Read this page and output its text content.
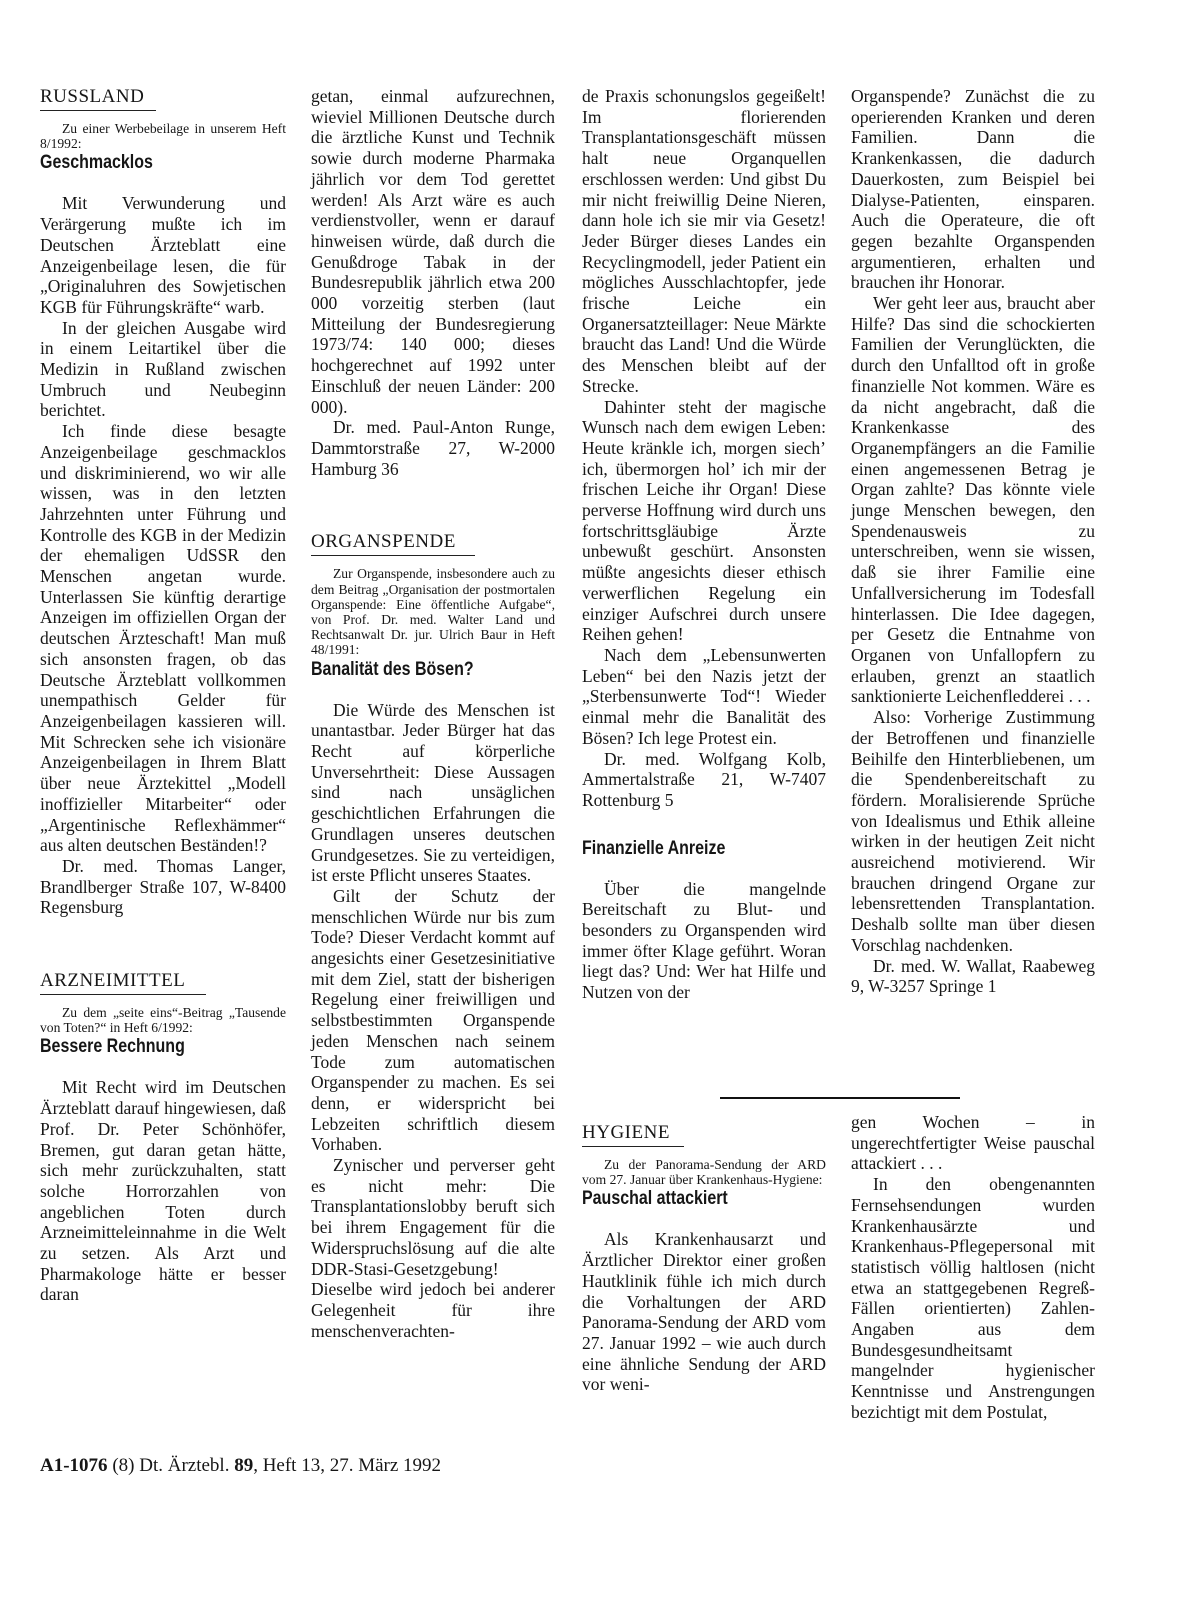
RUSSLAND

Zu einer Werbebeilage in unserem Heft 8/1992:

Geschmacklos

Mit Verwunderung und Verärgerung mußte ich im Deutschen Ärzteblatt eine Anzeigenbeilage lesen, die für „Originaluhren des Sowjetischen KGB für Führungskräfte“ warb.

In der gleichen Ausgabe wird in einem Leitartikel über die Medizin in Rußland zwischen Umbruch und Neubeginn berichtet.

Ich finde diese besagte Anzeigenbeilage geschmacklos und diskriminierend, wo wir alle wissen, was in den letzten Jahrzehnten unter Führung und Kontrolle des KGB in der Medizin der ehemaligen UdSSR den Menschen angetan wurde. Unterlassen Sie künftig derartige Anzeigen im offiziellen Organ der deutschen Ärzteschaft! Man muß sich ansonsten fragen, ob das Deutsche Ärzteblatt vollkommen unempathisch Gelder für Anzeigenbeilagen kassieren will. Mit Schrecken sehe ich visionäre Anzeigenbeilagen in Ihrem Blatt über neue Ärztekittel „Modell inoffizieller Mitarbeiter“ oder „Argentinische Reflexhämmer“ aus alten deutschen Beständen!?

Dr. med. Thomas Langer, Brandlberger Straße 107, W-8400 Regensburg

ARZNEIMITTEL

Zu dem „seite eins“-Beitrag „Tausende von Toten?“ in Heft 6/1992:

Bessere Rechnung

Mit Recht wird im Deutschen Ärzteblatt darauf hingewiesen, daß Prof. Dr. Peter Schönhöfer, Bremen, gut daran getan hätte, sich mehr zurückzuhalten, statt solche Horrorzahlen von angeblichen Toten durch Arzneimitteleinnahme in die Welt zu setzen. Als Arzt und Pharmakologe hätte er besser daran

getan, einmal aufzurechnen, wieviel Millionen Deutsche durch die ärztliche Kunst und Technik sowie durch moderne Pharmaka jährlich vor dem Tod gerettet werden! Als Arzt wäre es auch verdienstvoller, wenn er darauf hinweisen würde, daß durch die Genußdroge Tabak in der Bundesrepublik jährlich etwa 200 000 vorzeitig sterben (laut Mitteilung der Bundesregierung 1973/74: 140 000; dieses hochgerechnet auf 1992 unter Einschluß der neuen Länder: 200 000).

Dr. med. Paul-Anton Runge, Dammtorstraße 27, W-2000 Hamburg 36

ORGANSPENDE

Zur Organspende, insbesondere auch zu dem Beitrag „Organisation der postmortalen Organspende: Eine öffentliche Aufgabe“, von Prof. Dr. med. Walter Land und Rechtsanwalt Dr. jur. Ulrich Baur in Heft 48/1991:

Banalität des Bösen?

Die Würde des Menschen ist unantastbar. Jeder Bürger hat das Recht auf körperliche Unversehrtheit: Diese Aussagen sind nach unsäglichen geschichtlichen Erfahrungen die Grundlagen unseres deutschen Grundgesetzes. Sie zu verteidigen, ist erste Pflicht unseres Staates.

Gilt der Schutz der menschlichen Würde nur bis zum Tode? Dieser Verdacht kommt auf angesichts einer Gesetzesinitiative mit dem Ziel, statt der bisherigen Regelung einer freiwilligen und selbstbestimmten Organspende jeden Menschen nach seinem Tode zum automatischen Organspender zu machen. Es sei denn, er widerspricht bei Lebzeiten schriftlich diesem Vorhaben.

Zynischer und perverser geht es nicht mehr: Die Transplantationslobby beruft sich bei ihrem Engagement für die Widerspruchslösung auf die alte DDR-Stasi-Gesetzgebung! Dieselbe wird jedoch bei anderer Gelegenheit für ihre menschenverachten-

de Praxis schonungslos gegeißelt! Im florierenden Transplantationsgeschäft müssen halt neue Organquellen erschlossen werden: Und gibst Du mir nicht freiwillig Deine Nieren, dann hole ich sie mir via Gesetz! Jeder Bürger dieses Landes ein Recyclingmodell, jeder Patient ein mögliches Ausschlachtopfer, jede frische Leiche ein Organersatzteillager: Neue Märkte braucht das Land! Und die Würde des Menschen bleibt auf der Strecke.

Dahinter steht der magische Wunsch nach dem ewigen Leben: Heute kränkle ich, morgen siech’ ich, übermorgen hol’ ich mir der frischen Leiche ihr Organ! Diese perverse Hoffnung wird durch uns fortschrittsgläubige Ärzte unbewußt geschürt. Ansonsten müßte angesichts dieser ethisch verwerflichen Regelung ein einziger Aufschrei durch unsere Reihen gehen!

Nach dem „Lebensunwerten Leben“ bei den Nazis jetzt der „Sterbensunwerte Tod“! Wieder einmal mehr die Banalität des Bösen? Ich lege Protest ein.

Dr. med. Wolfgang Kolb, Ammertalstraße 21, W-7407 Rottenburg 5

Finanzielle Anreize

Über die mangelnde Bereitschaft zu Blut- und besonders zu Organspenden wird immer öfter Klage geführt. Woran liegt das? Und: Wer hat Hilfe und Nutzen von der

Organspende? Zunächst die zu operierenden Kranken und deren Familien. Dann die Krankenkassen, die dadurch Dauerkosten, zum Beispiel bei Dialyse-Patienten, einsparen. Auch die Operateure, die oft gegen bezahlte Organspenden argumentieren, erhalten und brauchen ihr Honorar.

Wer geht leer aus, braucht aber Hilfe? Das sind die schockierten Familien der Verunglückten, die durch den Unfalltod oft in große finanzielle Not kommen. Wäre es da nicht angebracht, daß die Krankenkasse des Organempfängers an die Familie einen angemessenen Betrag je Organ zahlte? Das könnte viele junge Menschen bewegen, den Spendenausweis zu unterschreiben, wenn sie wissen, daß sie ihrer Familie eine Unfallversicherung im Todesfall hinterlassen. Die Idee dagegen, per Gesetz die Entnahme von Organen von Unfallopfern zu erlauben, grenzt an staatlich sanktionierte Leichenfledderei . . .

Also: Vorherige Zustimmung der Betroffenen und finanzielle Beihilfe den Hinterbliebenen, um die Spendenbereitschaft zu fördern. Moralisierende Sprüche von Idealismus und Ethik alleine wirken in der heutigen Zeit nicht ausreichend motivierend. Wir brauchen dringend Organe zur lebensrettenden Transplantation. Deshalb sollte man über diesen Vorschlag nachdenken.

Dr. med. W. Wallat, Raabeweg 9, W-3257 Springe 1

HYGIENE

Zu der Panorama-Sendung der ARD vom 27. Januar über Krankenhaus-Hygiene:

Pauschal attackiert

Als Krankenhausarzt und Ärztlicher Direktor einer großen Hautklinik fühle ich mich durch die Vorhaltungen der ARD Panorama-Sendung der ARD vom 27. Januar 1992 – wie auch durch eine ähnliche Sendung der ARD vor weni-

gen Wochen – in ungerechtfertigter Weise pauschal attackiert . . .

In den obengenannten Fernsehsendungen wurden Krankenhausärzte und Krankenhaus-Pflegepersonal mit statistisch völlig haltlosen (nicht etwa an stattgegebenen Regreß-Fällen orientierten) Zahlen-Angaben aus dem Bundesgesundheitsamt mangelnder hygienischer Kenntnisse und Anstrengungen bezichtigt mit dem Postulat,

A1-1076 (8) Dt. Ärztebl. 89, Heft 13, 27. März 1992
